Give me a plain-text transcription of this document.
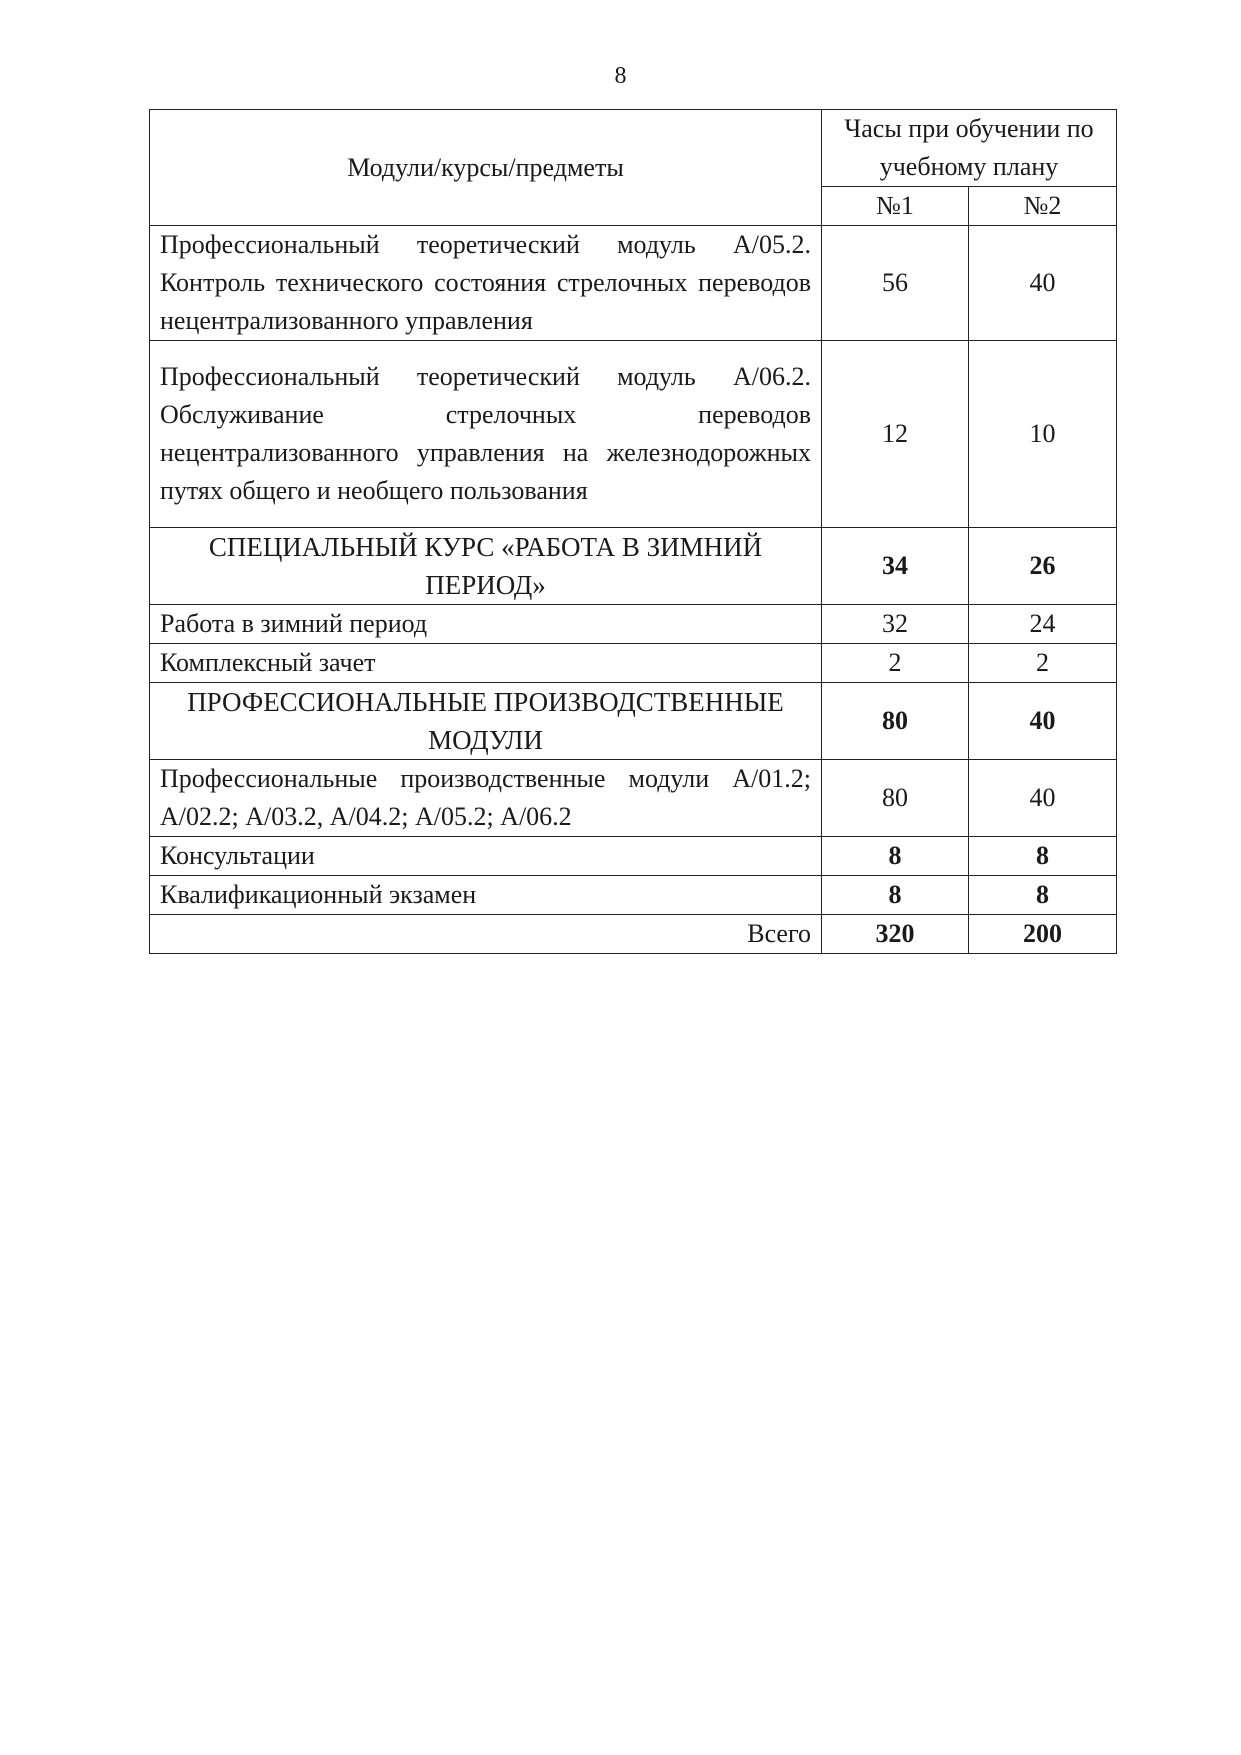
8
Модули/курсы/предметы	Часы при обучении по учебному плану	
	№1	№2
Профессиональный теоретический модуль А/05.2. Контроль технического состояния стрелочных переводов нецентрализованного управления	56	40
Профессиональный теоретический модуль А/06.2. Обслуживание стрелочных переводов нецентрализованного управления на железнодорожных путях общего и необщего пользования	12	10
СПЕЦИАЛЬНЫЙ КУРС «РАБОТА В ЗИМНИЙ ПЕРИОД»	34	26
Работа в зимний период	32	24
Комплексный зачет	2	2
ПРОФЕССИОНАЛЬНЫЕ ПРОИЗВОДСТВЕННЫЕ МОДУЛИ	80	40
Профессиональные производственные модули А/01.2; А/02.2; А/03.2, А/04.2; А/05.2; А/06.2	80	40
Консультации	8	8
Квалификационный экзамен	8	8
Всего	320	200
